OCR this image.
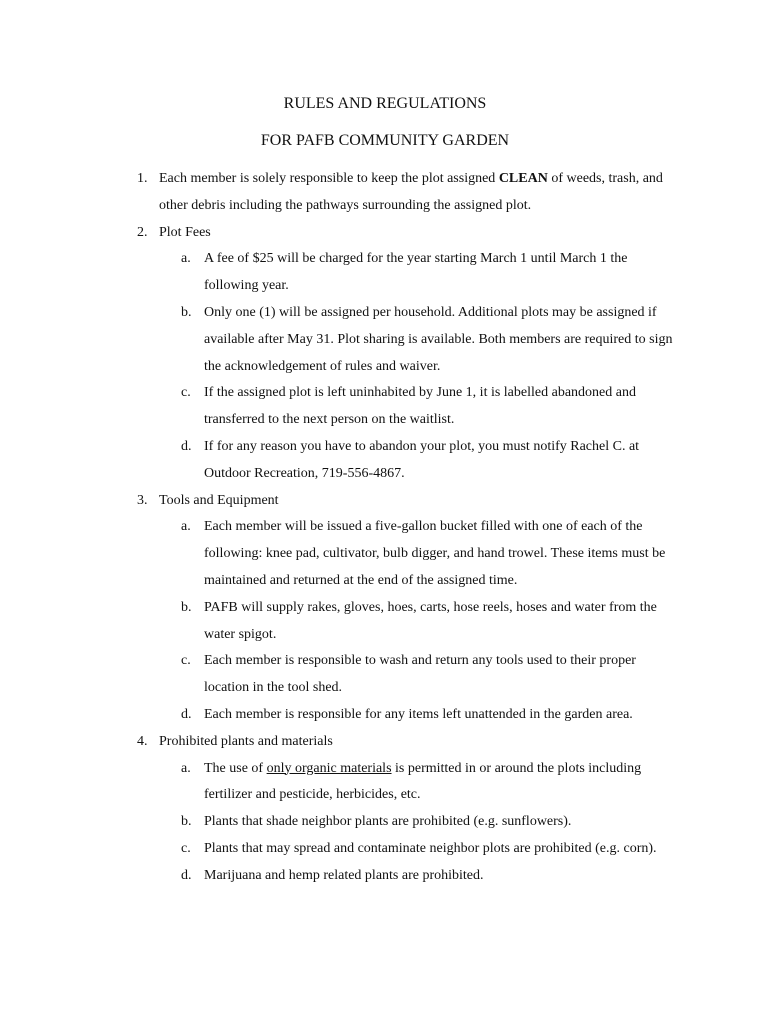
RULES AND REGULATIONS
FOR PAFB COMMUNITY GARDEN
1. Each member is solely responsible to keep the plot assigned CLEAN of weeds, trash, and other debris including the pathways surrounding the assigned plot.
2. Plot Fees
a. A fee of $25 will be charged for the year starting March 1 until March 1 the following year.
b. Only one (1) will be assigned per household. Additional plots may be assigned if available after May 31. Plot sharing is available. Both members are required to sign the acknowledgement of rules and waiver.
c. If the assigned plot is left uninhabited by June 1, it is labelled abandoned and transferred to the next person on the waitlist.
d. If for any reason you have to abandon your plot, you must notify Rachel C. at Outdoor Recreation, 719-556-4867.
3. Tools and Equipment
a. Each member will be issued a five-gallon bucket filled with one of each of the following: knee pad, cultivator, bulb digger, and hand trowel. These items must be maintained and returned at the end of the assigned time.
b. PAFB will supply rakes, gloves, hoes, carts, hose reels, hoses and water from the water spigot.
c. Each member is responsible to wash and return any tools used to their proper location in the tool shed.
d. Each member is responsible for any items left unattended in the garden area.
4. Prohibited plants and materials
a. The use of only organic materials is permitted in or around the plots including fertilizer and pesticide, herbicides, etc.
b. Plants that shade neighbor plants are prohibited (e.g. sunflowers).
c. Plants that may spread and contaminate neighbor plots are prohibited (e.g. corn).
d. Marijuana and hemp related plants are prohibited.
